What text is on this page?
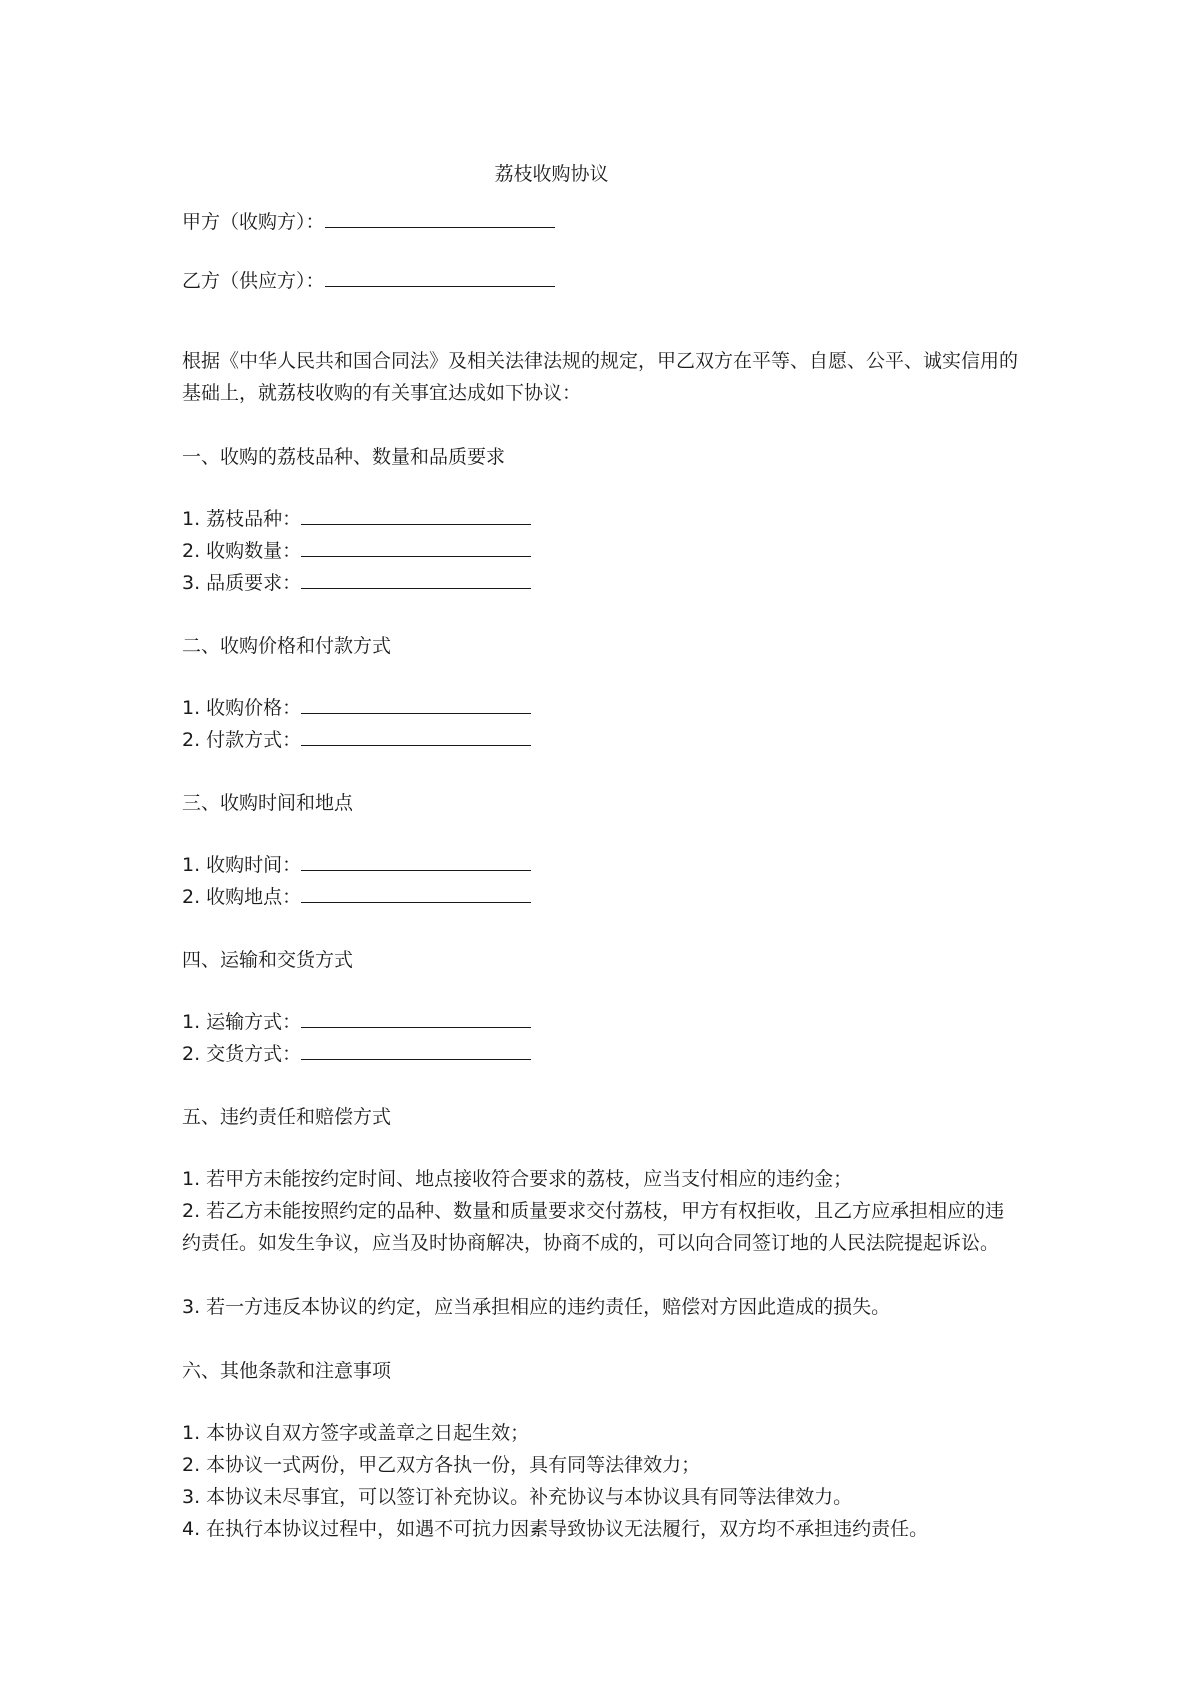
荔枝收购协议
甲方（收购方）：
乙方（供应方）：
根据《中华人民共和国合同法》及相关法律法规的规定，甲乙双方在平等、自愿、公平、诚实信用的基础上，就荔枝收购的有关事宜达成如下协议：
一、收购的荔枝品种、数量和品质要求
1. 荔枝品种：
2. 收购数量：
3. 品质要求：
二、收购价格和付款方式
1. 收购价格：
2. 付款方式：
三、收购时间和地点
1. 收购时间：
2. 收购地点：
四、运输和交货方式
1. 运输方式：
2. 交货方式：
五、违约责任和赔偿方式
1. 若甲方未能按约定时间、地点接收符合要求的荔枝，应当支付相应的违约金；
2. 若乙方未能按照约定的品种、数量和质量要求交付荔枝，甲方有权拒收，且乙方应承担相应的违约责任。如发生争议，应当及时协商解决，协商不成的，可以向合同签订地的人民法院提起诉讼。
3. 若一方违反本协议的约定，应当承担相应的违约责任，赔偿对方因此造成的损失。
六、其他条款和注意事项
1. 本协议自双方签字或盖章之日起生效；
2. 本协议一式两份，甲乙双方各执一份，具有同等法律效力；
3. 本协议未尽事宜，可以签订补充协议。补充协议与本协议具有同等法律效力。
4. 在执行本协议过程中，如遇不可抗力因素导致协议无法履行，双方均不承担违约责任。
